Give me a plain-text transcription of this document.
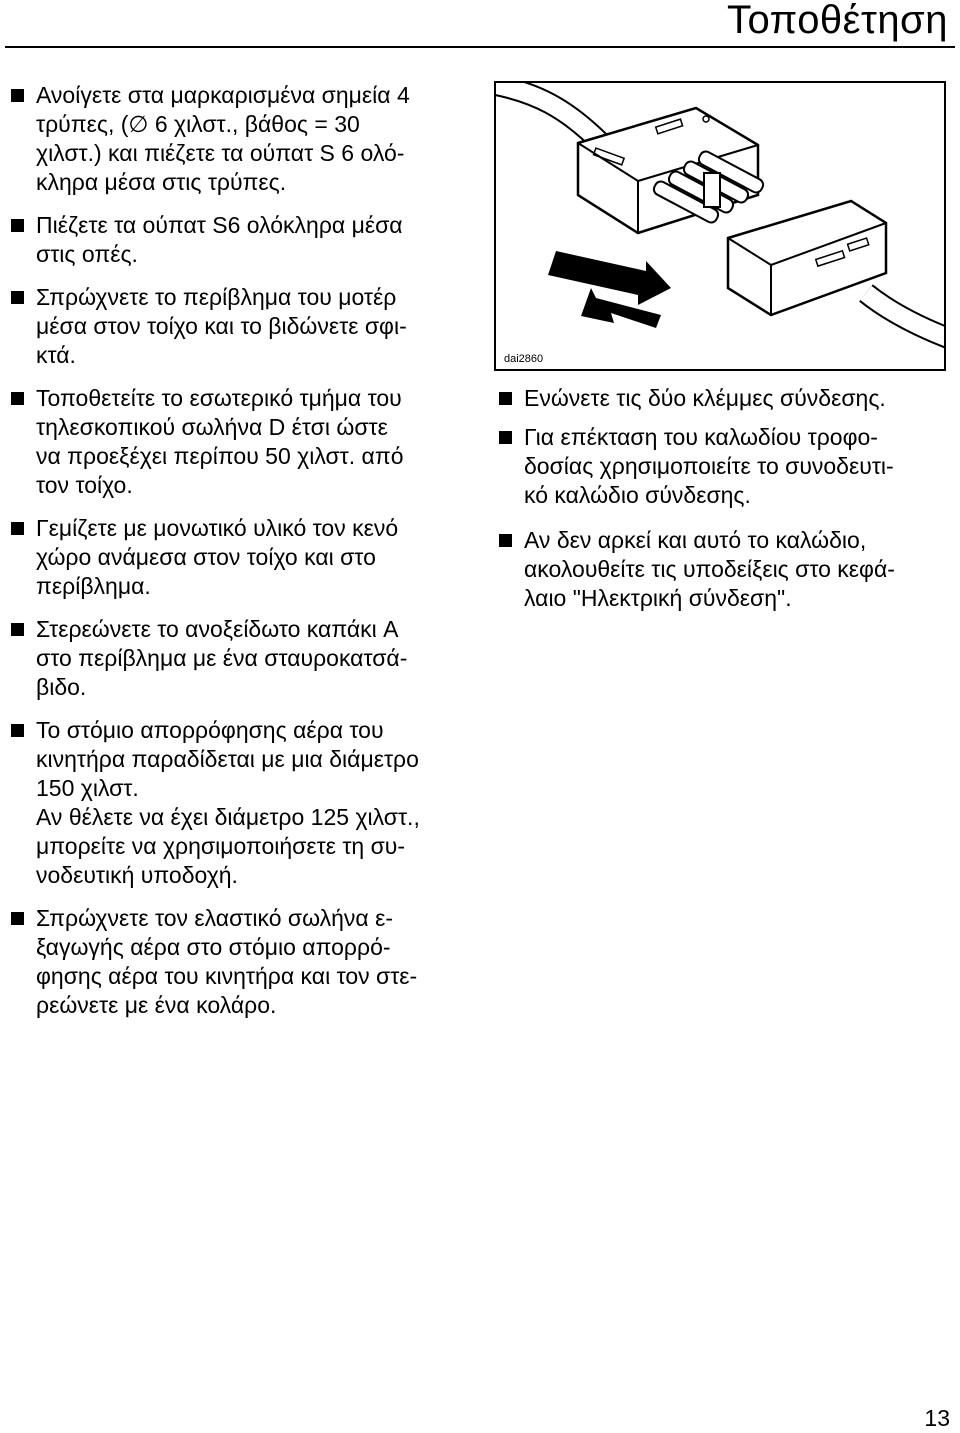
Τοποθέτηση
Ανοίγετε στα μαρκαρισμένα σημεία 4
τρύπες, (∅ 6 χιλστ., βάθος = 30
χιλστ.) και πιέζετε τα ούπατ S 6 ολό-
κληρα μέσα στις τρύπες.
Πιέζετε τα ούπατ S6 ολόκληρα μέσα
στις οπές.
Σπρώχνετε το περίβλημα του μοτέρ
μέσα στον τοίχο και το βιδώνετε σφι-
κτά.
Τοποθετείτε το εσωτερικό τμήμα του
τηλεσκοπικού σωλήνα D έτσι ώστε
να προεξέχει περίπου 50 χιλστ. από
τον τοίχο.
Γεμίζετε με μονωτικό υλικό τον κενό
χώρο ανάμεσα στον τοίχο και στο
περίβλημα.
Στερεώνετε το ανοξείδωτο καπάκι A
στο περίβλημα με ένα σταυροκατσά-
βιδο.
Το στόμιο απορρόφησης αέρα του
κινητήρα παραδίδεται με μια διάμετρο
150 χιλστ.
Αν θέλετε να έχει διάμετρο 125 χιλστ.,
μπορείτε να χρησιμοποιήσετε τη συ-
νοδευτική υποδοχή.
Σπρώχνετε τον ελαστικό σωλήνα ε-
ξαγωγής αέρα στο στόμιο απορρό-
φησης αέρα του κινητήρα και τον στε-
ρεώνετε με ένα κολάρο.
dai2860
Ενώνετε τις δύο κλέμμες σύνδεσης.
Για επέκταση του καλωδίου τροφο-
δοσίας χρησιμοποιείτε το συνοδευτι-
κό καλώδιο σύνδεσης.
Αν δεν αρκεί και αυτό το καλώδιο,
ακολουθείτε τις υποδείξεις στο κεφά-
λαιο "Ηλεκτρική σύνδεση".
13
